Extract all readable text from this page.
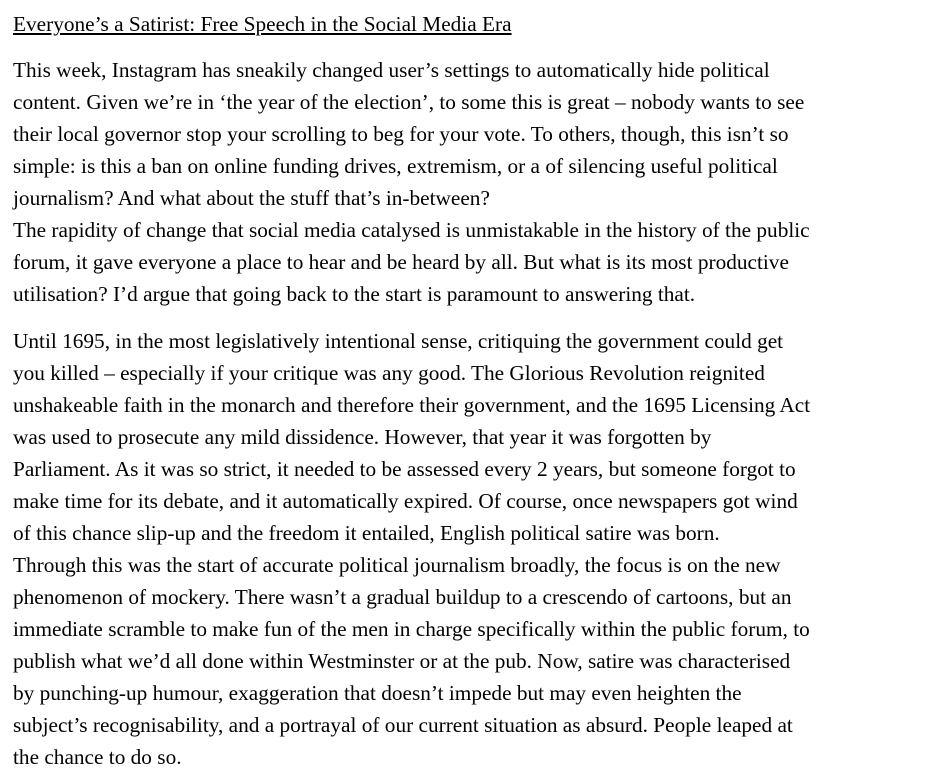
Everyone’s a Satirist: Free Speech in the Social Media Era

This week, Instagram has sneakily changed user’s settings to automatically hide political
content. Given we’re in ‘the year of the election’, to some this is great – nobody wants to see
their local governor stop your scrolling to beg for your vote. To others, though, this isn’t so
simple: is this a ban on online funding drives, extremism, or a of silencing useful political
journalism? And what about the stuff that’s in-between?

The rapidity of change that social media catalysed is unmistakable in the history of the public
forum, it gave everyone a place to hear and be heard by all. But what is its most productive
utilisation? I’d argue that going back to the start is paramount to answering that.

Until 1695, in the most legislatively intentional sense, critiquing the government could get
you killed – especially if your critique was any good. The Glorious Revolution reignited
unshakeable faith in the monarch and therefore their government, and the 1695 Licensing Act
was used to prosecute any mild dissidence. However, that year it was forgotten by
Parliament. As it was so strict, it needed to be assessed every 2 years, but someone forgot to
make time for its debate, and it automatically expired. Of course, once newspapers got wind
of this chance slip-up and the freedom it entailed, English political satire was born.

Through this was the start of accurate political journalism broadly, the focus is on the new
phenomenon of mockery. There wasn’t a gradual buildup to a crescendo of cartoons, but an
immediate scramble to make fun of the men in charge specifically within the public forum, to
publish what we’d all done within Westminster or at the pub. Now, satire was characterised
by punching-up humour, exaggeration that doesn’t impede but may even heighten the
subject’s recognisability, and a portrayal of our current situation as absurd. People leaped at
the chance to do so.
